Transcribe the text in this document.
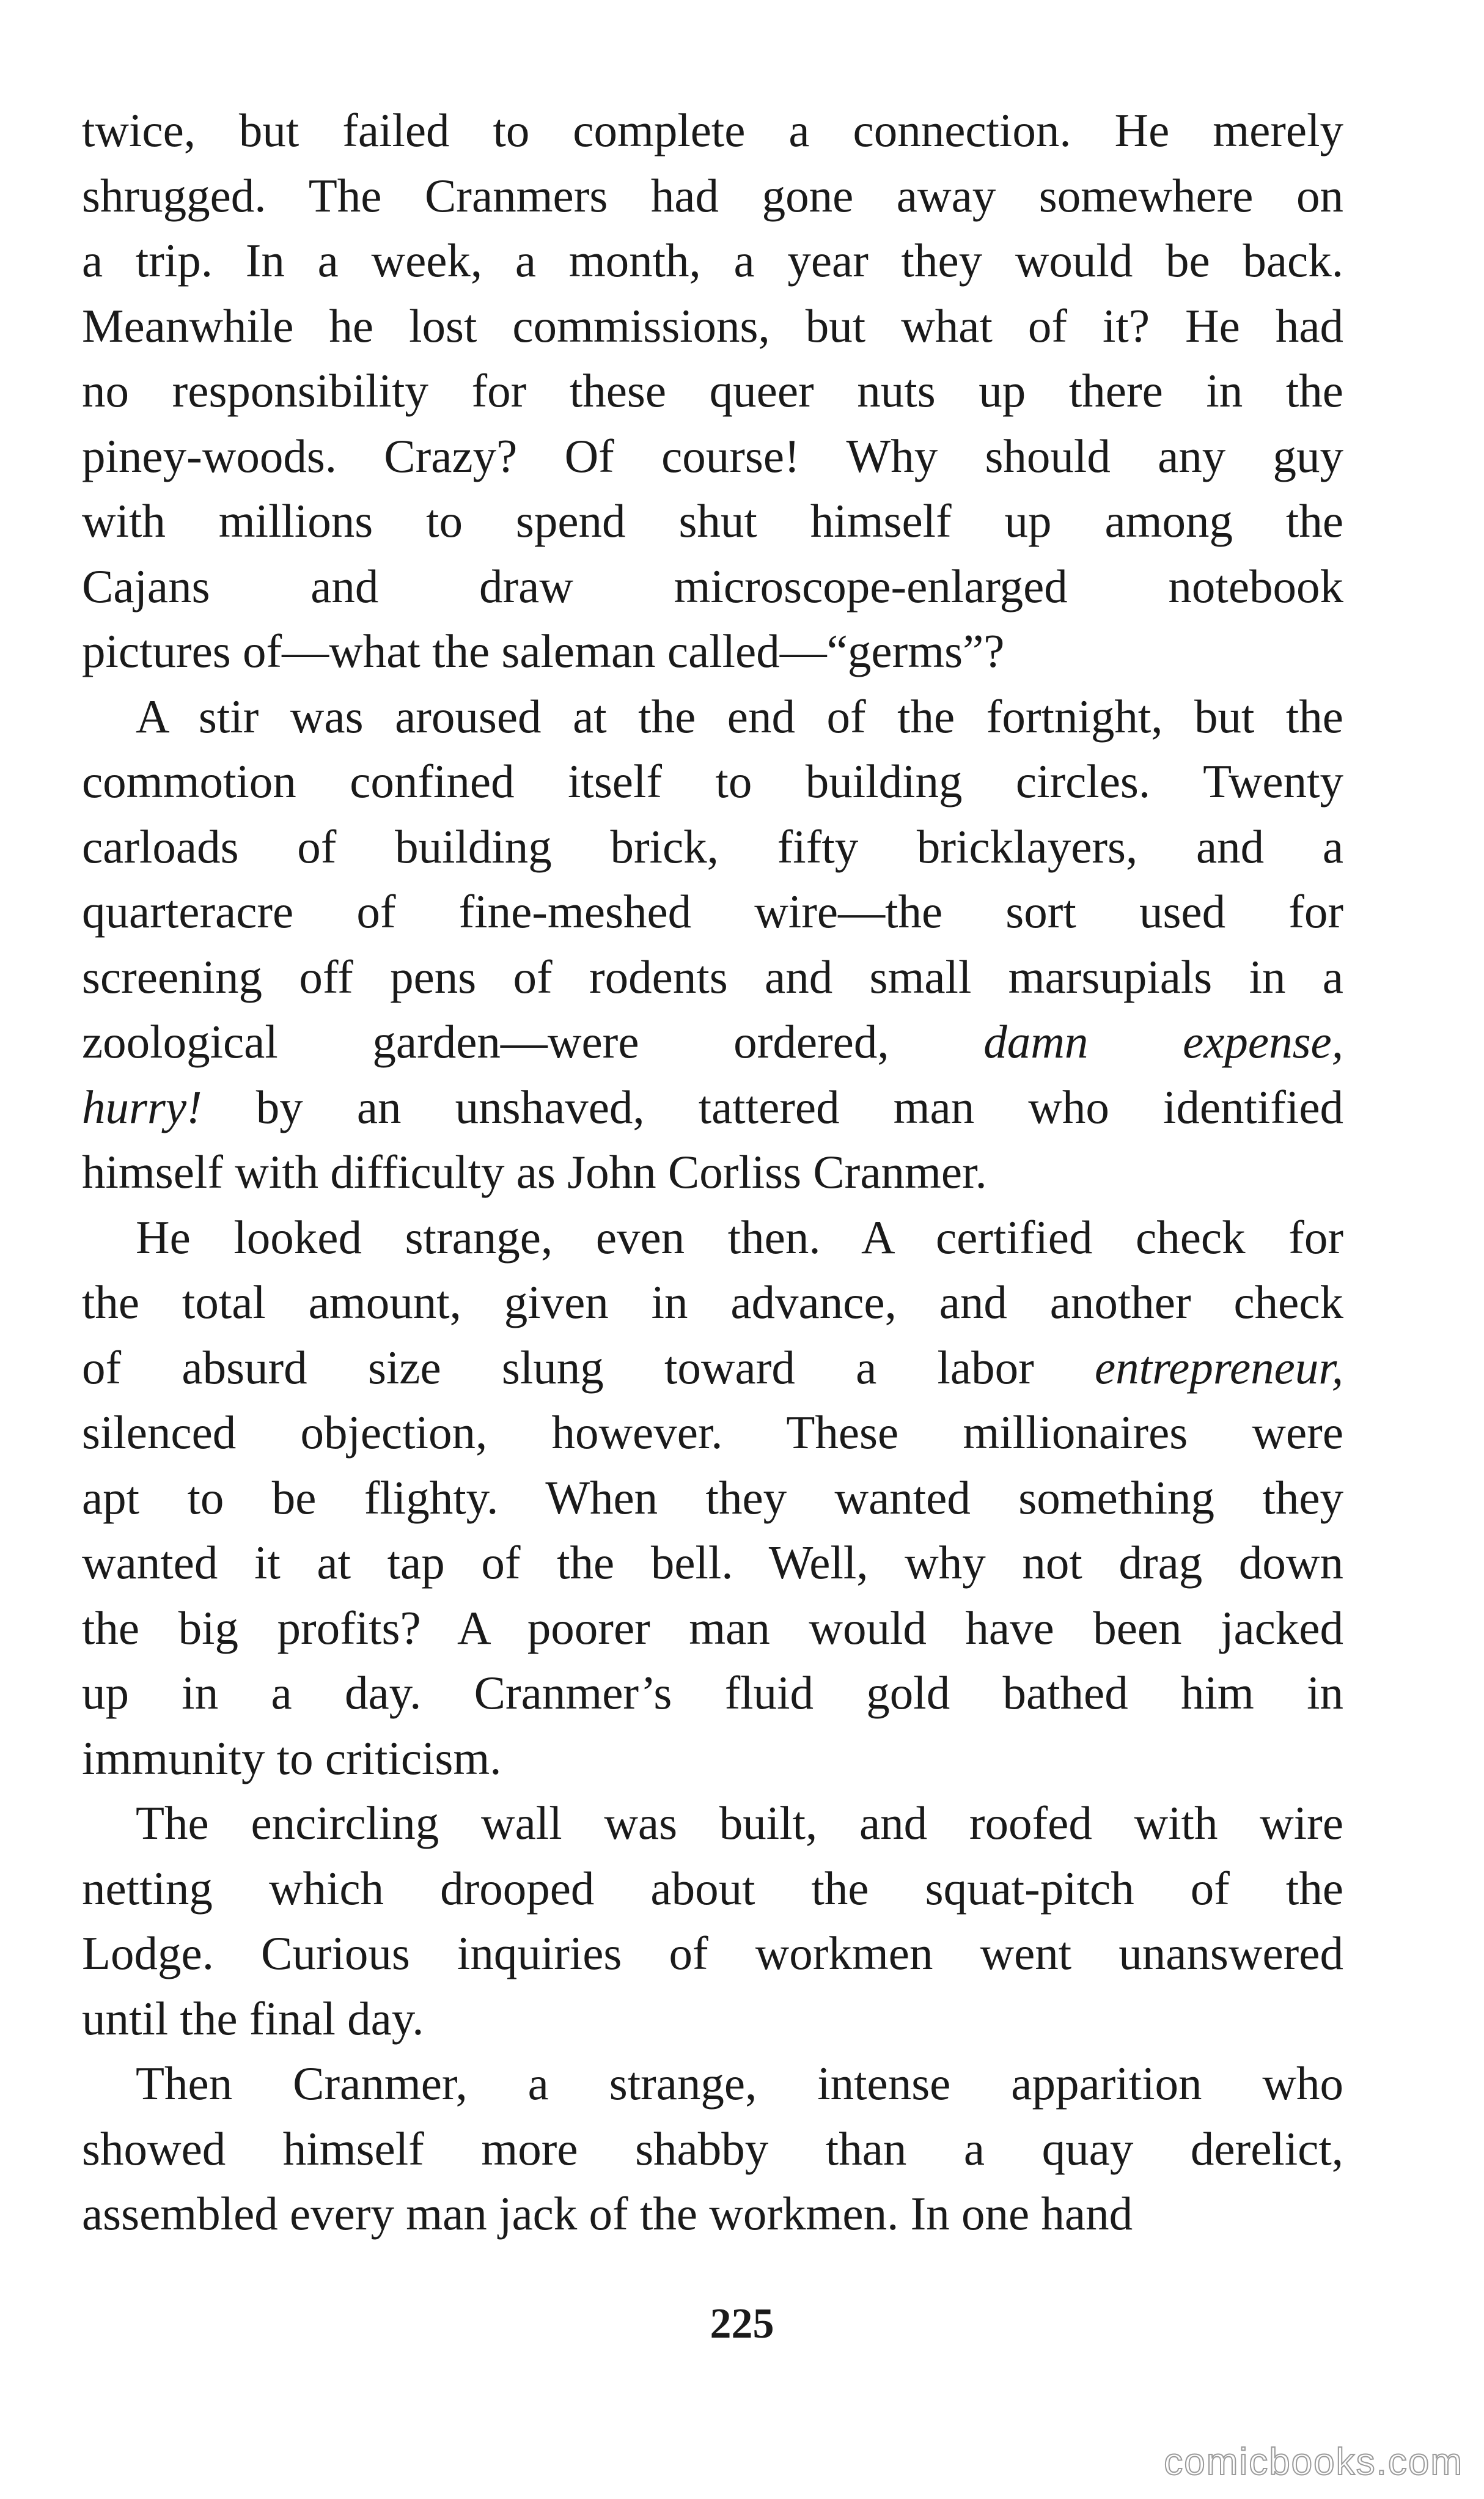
twice, but failed to complete a connection. He merely
shrugged. The Cranmers had gone away somewhere on
a trip. In a week, a month, a year they would be back.
Meanwhile he lost commissions, but what of it? He had
no responsibility for these queer nuts up there in the
piney-woods. Crazy? Of course! Why should any guy
with millions to spend shut himself up among the
Cajans and draw microscope-enlarged notebook
pictures of—what the saleman called—“germs”?
A stir was aroused at the end of the fortnight, but the
commotion confined itself to building circles. Twenty
carloads of building brick, fifty bricklayers, and a
quarteracre of fine-meshed wire—the sort used for
screening off pens of rodents and small marsupials in a
zoological garden—were ordered, damn expense,
hurry! by an unshaved, tattered man who identified
himself with difficulty as John Corliss Cranmer.
He looked strange, even then. A certified check for
the total amount, given in advance, and another check
of absurd size slung toward a labor entrepreneur,
silenced objection, however. These millionaires were
apt to be flighty. When they wanted something they
wanted it at tap of the bell. Well, why not drag down
the big profits? A poorer man would have been jacked
up in a day. Cranmer’s fluid gold bathed him in
immunity to criticism.
The encircling wall was built, and roofed with wire
netting which drooped about the squat-pitch of the
Lodge. Curious inquiries of workmen went unanswered
until the final day.
Then Cranmer, a strange, intense apparition who
showed himself more shabby than a quay derelict,
assembled every man jack of the workmen. In one hand
225
comicbooks.com
